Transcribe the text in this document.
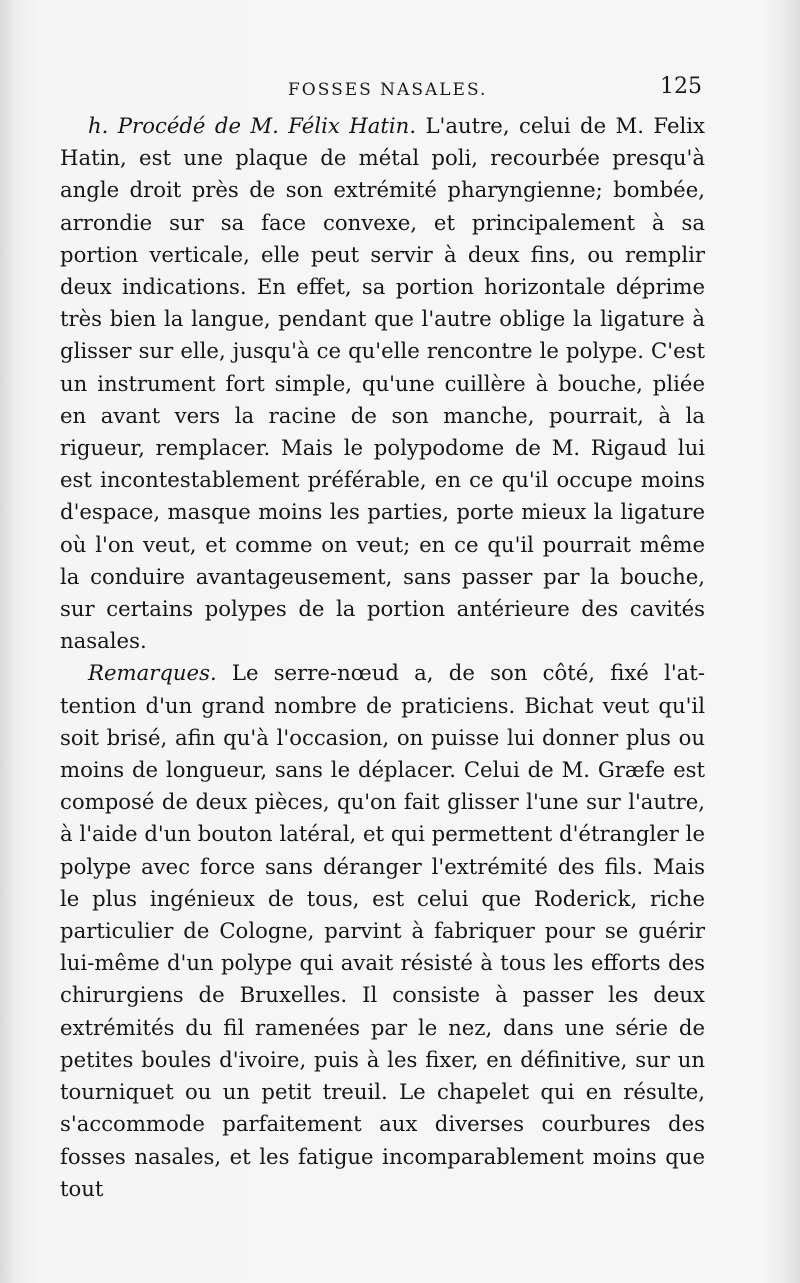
FOSSES NASALES.	125

h. Procédé de M. Félix Hatin. L'autre, celui de M. Felix Hatin, est une plaque de métal poli, recourbée presqu'à angle droit près de son extrémité pharyngienne; bombée, arrondie sur sa face convexe, et principalement à sa portion verticale, elle peut servir à deux fins, ou remplir deux indications. En effet, sa portion horizontale déprime très bien la langue, pendant que l'autre oblige la ligature à glisser sur elle, jusqu'à ce qu'elle rencontre le polype. C'est un instrument fort simple, qu'une cuillère à bouche, pliée en avant vers la racine de son manche, pourrait, à la rigueur, remplacer. Mais le polypodome de M. Rigaud lui est incontestablement préférable, en ce qu'il occupe moins d'espace, masque moins les parties, porte mieux la ligature où l'on veut, et comme on veut; en ce qu'il pourrait même la conduire avantageusement, sans passer par la bouche, sur certains polypes de la portion antérieure des cavités nasales.

Remarques. Le serre-nœud a, de son côté, fixé l'attention d'un grand nombre de praticiens. Bichat veut qu'il soit brisé, afin qu'à l'occasion, on puisse lui donner plus ou moins de longueur, sans le déplacer. Celui de M. Græfe est composé de deux pièces, qu'on fait glisser l'une sur l'autre, à l'aide d'un bouton latéral, et qui permettent d'étrangler le polype avec force sans déranger l'extrémité des fils. Mais le plus ingénieux de tous, est celui que Roderick, riche particulier de Cologne, parvint à fabriquer pour se guérir lui-même d'un polype qui avait résisté à tous les efforts des chirurgiens de Bruxelles. Il consiste à passer les deux extrémités du fil ramenées par le nez, dans une série de petites boules d'ivoire, puis à les fixer, en définitive, sur un tourniquet ou un petit treuil. Le chapelet qui en résulte, s'accommode parfaitement aux diverses courbures des fosses nasales, et les fatigue incomparablement moins que tout
